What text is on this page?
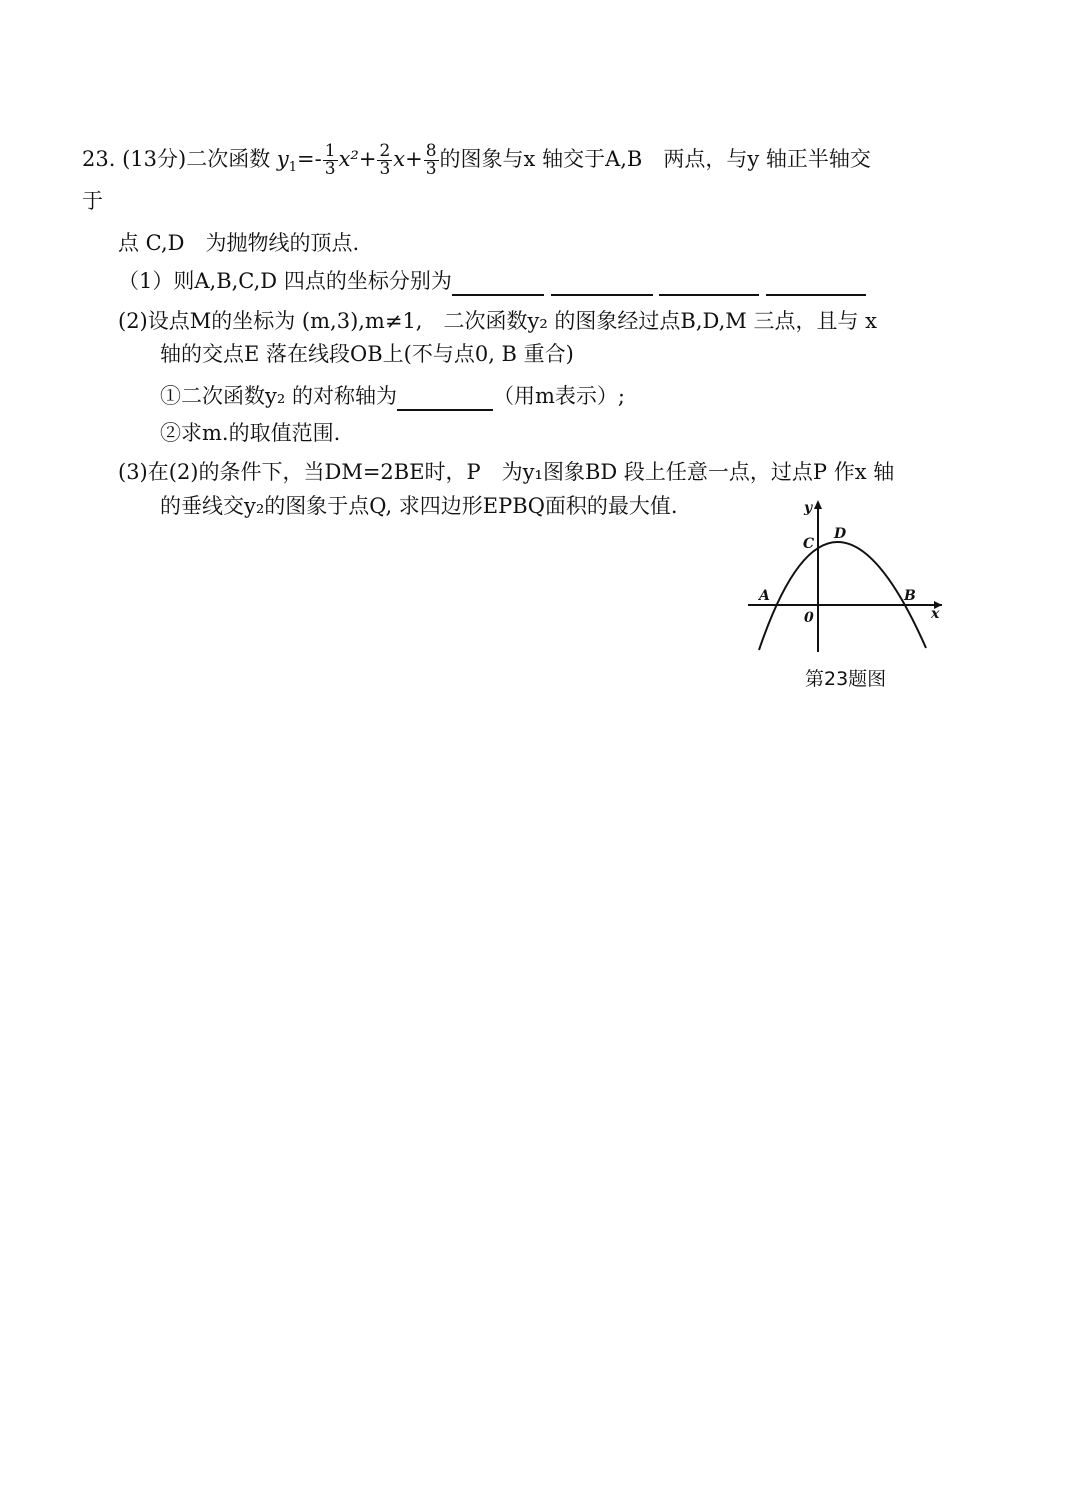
23. (13分)二次函数 $y_1=- \frac{1}{3} x^2+ \frac{2}{3} x+ \frac{8}{3}$ 的图象与x 轴交于A,B　两点，与y 轴正半轴交
于
点 C,D　为抛物线的顶点.
（1）则A,B,C,D 四点的坐标分别为
(2)设点M的坐标为 (m,3),m≠1,　二次函数y₂ 的图象经过点B,D,M 三点，且与 x
轴的交点E 落在线段OB上(不与点0, B 重合)
①二次函数y₂ 的对称轴为	（用m表示）;
②求m.的取值范围.
(3)在(2)的条件下，当DM=2BE时，P　为y₁图象BD 段上任意一点，过点P 作x 轴
的垂线交y₂的图象于点Q, 求四边形EPBQ面积的最大值.	y
x
0
A	B
C
D
第23题图
